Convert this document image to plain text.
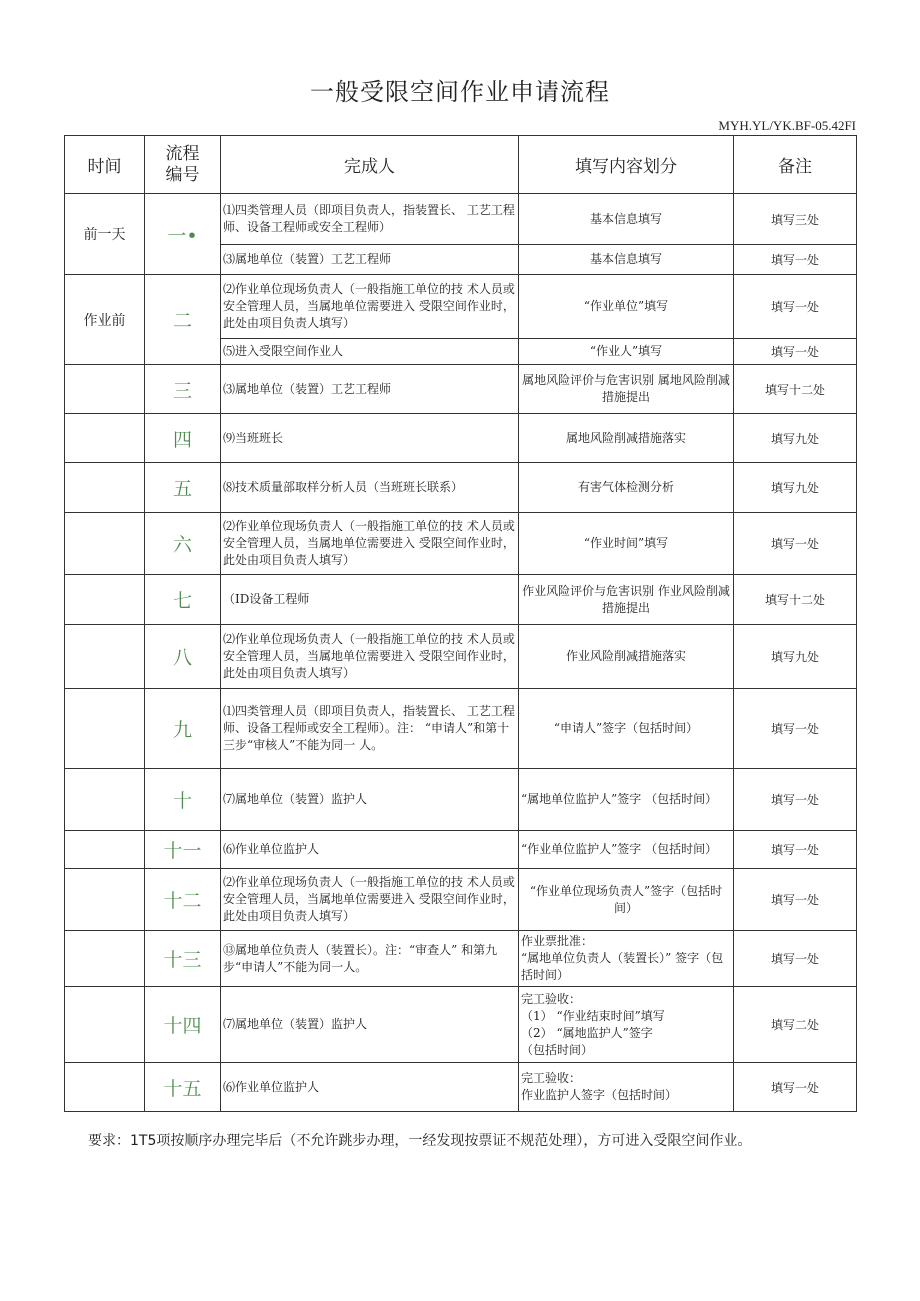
一般受限空间作业申请流程
MYH.YL/YK.BF-05.42FI
时间	流程编号	完成人	填写内容划分	备注
前一天	一•	⑴四类管理人员（即项目负责人，指装置长、 工艺工程师、设备工程师或安全工程师）	基本信息填写	填写三处
		⑶属地单位（装置）工艺工程师	基本信息填写	填写一处
作业前	二	⑵作业单位现场负责人（一般指施工单位的技 术人员或安全管理人员，当属地单位需要进入 受限空间作业时，此处由项目负责人填写）	“作业单位”填写	填写一处
		⑸进入受限空间作业人	“作业人”填写	填写一处
	三	⑶属地单位（装置）工艺工程师	属地风险评价与危害识别 属地风险削减措施提出	填写十二处
	四	⑼当班班长	属地风险削减措施落实	填写九处
	五	⑻技术质量部取样分析人员（当班班长联系）	有害气体检测分析	填写九处
	六	⑵作业单位现场负责人（一般指施工单位的技 术人员或安全管理人员，当属地单位需要进入 受限空间作业时，此处由项目负责人填写）	“作业时间”填写	填写一处
	七	（ID设备工程师	作业风险评价与危害识别 作业风险削减措施提出	填写十二处
	八	⑵作业单位现场负责人（一般指施工单位的技 术人员或安全管理人员，当属地单位需要进入 受限空间作业时，此处由项目负责人填写）	作业风险削减措施落实	填写九处
	九	⑴四类管理人员（即项目负责人，指装置长、 工艺工程师、设备工程师或安全工程师）。注： “申请人”和第十三步“审核人”不能为同一 人。	“申请人”签字（包括时间）	填写一处
	十	⑺属地单位（装置）监护人	“属地单位监护人”签字 （包括时间）	填写一处
	十一	⑹作业单位监护人	“作业单位监护人”签字 （包括时间）	填写一处
	十二	⑵作业单位现场负责人（一般指施工单位的技 术人员或安全管理人员，当属地单位需要进入 受限空间作业时，此处由项目负责人填写）	“作业单位现场负责人”签字（包括时间）	填写一处
	十三	⑬属地单位负责人（装置长）。注：“审查人” 和第九步“申请人”不能为同一人。	作业票批准：
“属地单位负责人（装置长）” 签字（包括时间）	填写一处
	十四	⑺属地单位（装置）监护人	完工验收：
（1） “作业结束时间”填写
（2） “属地监护人”签字
（包括时间）	填写二处
	十五	⑹作业单位监护人	完工验收：
作业监护人签字（包括时间）	填写一处
要求：1T5项按顺序办理完毕后（不允许跳步办理，一经发现按票证不规范处理），方可进入受限空间作业。
